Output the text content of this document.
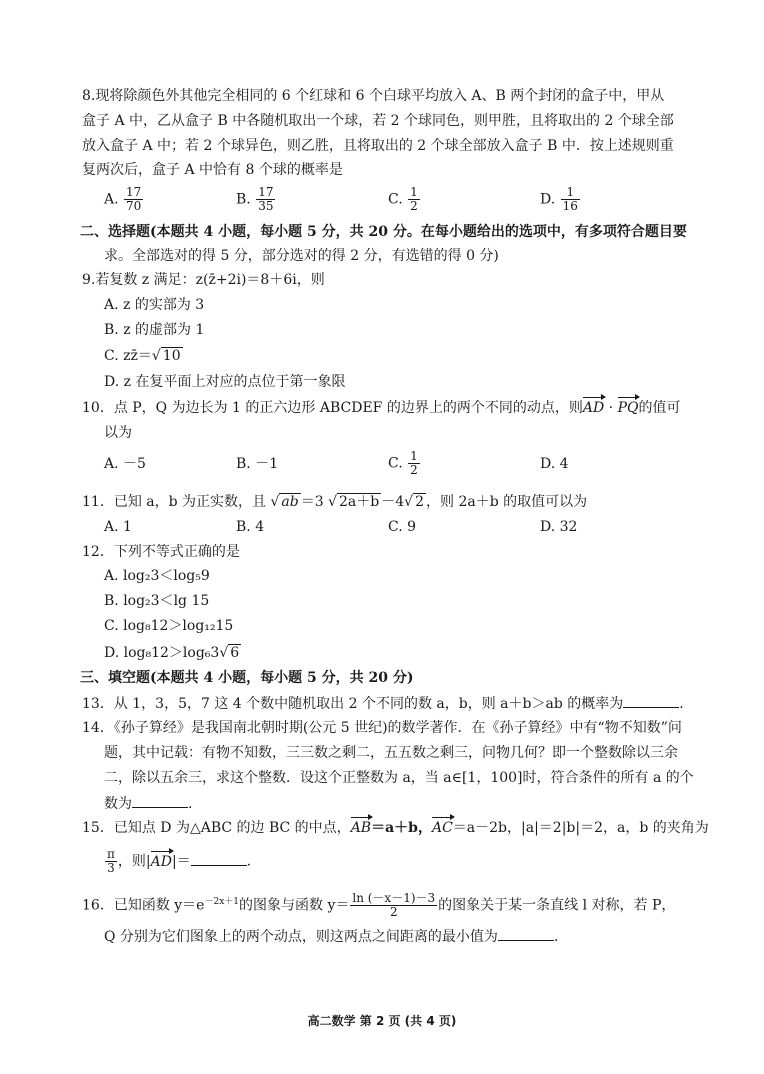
8.现将除颜色外其他完全相同的 6 个红球和 6 个白球平均放入 A、B 两个封闭的盒子中，甲从
盒子 A 中，乙从盒子 B 中各随机取出一个球，若 2 个球同色，则甲胜，且将取出的 2 个球全部
放入盒子 A 中；若 2 个球异色，则乙胜，且将取出的 2 个球全部放入盒子 B 中．按上述规则重
复两次后，盒子 A 中恰有 8 个球的概率是
A. $\frac{17}{70}$	B. $\frac{17}{35}$	C. $\frac{1}{2}$	D. $\frac{1}{16}$
二、选择题(本题共 4 小题，每小题 5 分，共 20 分。在每小题给出的选项中，有多项符合题目要
求。全部选对的得 5 分，部分选对的得 2 分，有选错的得 0 分)
9.若复数 z 满足：z(z̄+2i)＝8＋6i，则
A. z 的实部为 3
B. z 的虚部为 1
C. zz̄＝√ 10
D. z 在复平面上对应的点位于第一象限
10．点 P，Q 为边长为 1 的正六边形 ABCDEF 的边界上的两个不同的动点，则AD · PQ的值可
以为
A. －5	B. －1	C. $\frac{1}{2}$	D. 4
11．已知 a，b 为正实数，且 √ ab ＝3 √ 2a＋b －4√ 2 ，则 2a＋b 的取值可以为
A. 1	B. 4	C. 9	D. 32
12．下列不等式正确的是
A. log₂3＜log₅9
B. log₂3＜lg 15
C. log₈12＞log₁₂15
D. log₈12＞log₆3√ 6
三、填空题(本题共 4 小题，每小题 5 分，共 20 分)
13．从 1，3，5，7 这 4 个数中随机取出 2 个不同的数 a，b，则 a＋b＞ab 的概率为	.
14．《孙子算经》是我国南北朝时期(公元 5 世纪)的数学著作．在《孙子算经》中有“物不知数”问
题，其中记载：有物不知数，三三数之剩二，五五数之剩三，问物几何？即一个整数除以三余
二，除以五余三，求这个整数．设这个正整数为 a，当 a∈[1，100]时，符合条件的所有 a 的个
数为	.
15．已知点 D 为△ABC 的边 BC 的中点，AB＝a＋b，AC＝a－2b，|a|＝2|b|＝2，a，b 的夹角为
$\frac{\pi}{3}$ ，则|AD|＝	.
16．已知函数 $y=e^{-2x+1}$的图象与函数 $y= \frac{\ln (-x-1)-3}{2}$ 的图象关于某一条直线 l 对称，若 P，
Q 分别为它们图象上的两个动点，则这两点之间距离的最小值为	.
高二数学 第 2 页 (共 4 页)
